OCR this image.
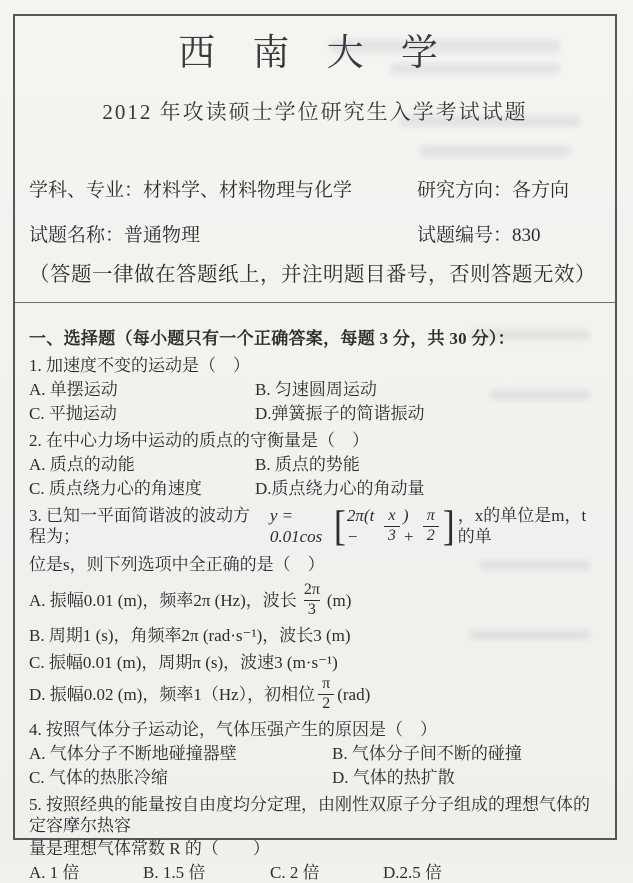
西 南 大 学
2012 年攻读硕士学位研究生入学考试试题
学科、专业：材料学、材料物理与化学	研究方向：各方向
试题名称：普通物理	试题编号：830
（答题一律做在答题纸上，并注明题目番号，否则答题无效）

一、选择题（每小题只有一个正确答案，每题 3 分，共 30 分）：

1. 加速度不变的运动是（　）

A. 单摆运动	B. 匀速圆周运动
C. 平抛运动	D.弹簧振子的简谐振动

2. 在中心力场中运动的质点的守衡量是（　）

A. 质点的动能	B. 质点的势能
C. 质点绕力心的角速度	D.质点绕力心的角动量
3. 已知一平面简谐波的波动方程为；
y = 0.01cos [ 2π(t −	$\frac{x}{3}$ ) + $\frac{\pi}{2}$ ] ，x的单位是m，t 的单

位是s，则下列选项中全正确的是（　）

A. 振幅0.01 (m)，频率2π (Hz)，波长 $\frac{2\pi}{3} (m)$

B. 周期1 (s)，角频率2π (rad·s⁻¹)，波长3 (m)

C. 振幅0.01 (m)，周期π (s)，波速3 (m·s⁻¹)

D. 振幅0.02 (m)，频率1（Hz），初相位 $\frac{\pi}{2} (rad)$

4. 按照气体分子运动论，气体压强产生的原因是（　）

A. 气体分子不断地碰撞器壁	B. 气体分子间不断的碰撞
C. 气体的热胀冷缩	D. 气体的热扩散

5. 按照经典的能量按自由度均分定理，由刚性双原子分子组成的理想气体的定容摩尔热容

量是理想气体常数 R 的（　　）

A. 1 倍	B. 1.5 倍	C. 2 倍	D.2.5 倍
